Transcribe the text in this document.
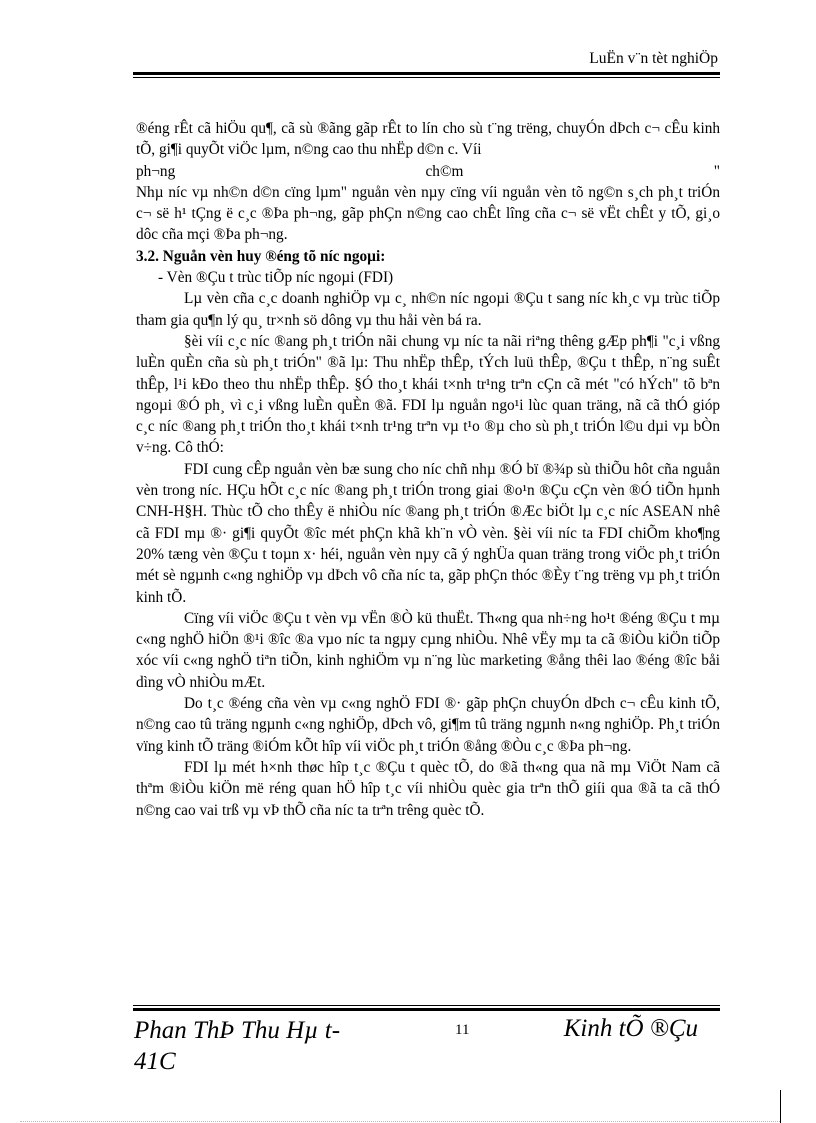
LuËn v¨n tèt nghiÖp

®éng rÊt cã hiÖu qu¶, cã sù ®ãng gãp rÊt to lín cho sù t¨ng trëng, chuyÓn dÞch c¬ cÊu kinh tÕ, gi¶i quyÕt viÖc lµm, n©ng cao thu nhËp d©n c. Víi

ph¬ng	ch©m	"

Nhµ níc vµ nh©n d©n cïng lµm" nguån vèn nµy cïng víi nguån vèn tõ ng©n s¸ch ph¸t triÓn c¬ së h¹ tÇng ë c¸c ®Þa ph¬ng, gãp phÇn n©ng cao chÊt lîng cña c¬ së vËt chÊt y tÕ, gi¸o dôc cña mçi ®Þa ph¬ng.

3.2. Nguån vèn huy ®éng tõ níc ngoµi:

- Vèn ®Çu t trùc tiÕp níc ngoµi (FDI)

Lµ vèn cña c¸c doanh nghiÖp vµ c¸ nh©n níc ngoµi ®Çu t sang níc kh¸c vµ trùc tiÕp tham gia qu¶n lý qu¸ tr×nh sö dông vµ thu håi vèn bá ra.

§èi víi c¸c níc ®ang ph¸t triÓn nãi chung vµ níc ta nãi riªng thêng gÆp ph¶i "c¸i vßng luÈn quÈn cña sù ph¸t triÓn" ®ã lµ: Thu nhËp thÊp, tÝch luü thÊp, ®Çu t thÊp, n¨ng suÊt thÊp, l¹i kÐo theo thu nhËp thÊp. §Ó tho¸t khái t×nh tr¹ng trªn cÇn cã mét "có hÝch" tõ bªn ngoµi ®Ó ph¸ vì c¸i vßng luÈn quÈn ®ã. FDI lµ nguån ngo¹i lùc quan träng, nã cã thÓ gióp c¸c níc ®ang ph¸t triÓn tho¸t khái t×nh tr¹ng trªn vµ t¹o ®µ cho sù ph¸t triÓn l©u dµi vµ bÒn v÷ng. Cô thÓ:

FDI cung cÊp nguån vèn bæ sung cho níc chñ nhµ ®Ó bï ®¾p sù thiÕu hôt cña nguån vèn trong níc. HÇu hÕt c¸c níc ®ang ph¸t triÓn trong giai ®o¹n ®Çu cÇn vèn ®Ó tiÕn hµnh CNH-H§H. Thùc tÕ cho thÊy ë nhiÒu níc ®ang ph¸t triÓn ®Æc biÖt lµ c¸c níc ASEAN nhê cã FDI mµ ®· gi¶i quyÕt ®îc mét phÇn khã kh¨n vÒ vèn. §èi víi níc ta FDI chiÕm kho¶ng 20% tæng vèn ®Çu t toµn x· héi, nguån vèn nµy cã ý nghÜa quan träng trong viÖc ph¸t triÓn mét sè ngµnh c«ng nghiÖp vµ dÞch vô cña níc ta, gãp phÇn thóc ®Èy t¨ng trëng vµ ph¸t triÓn kinh tÕ.

Cïng víi viÖc ®Çu t vèn vµ vËn ®Ò kü thuËt. Th«ng qua nh÷ng ho¹t ®éng ®Çu t mµ c«ng nghÖ hiÖn ®¹i ®îc ®a vµo níc ta ngµy cµng nhiÒu. Nhê vËy mµ ta cã ®iÒu kiÖn tiÕp xóc víi c«ng nghÖ tiªn tiÕn, kinh nghiÖm vµ n¨ng lùc marketing ®ång thêi lao ®éng ®îc båi dìng vÒ nhiÒu mÆt.

Do t¸c ®éng cña vèn vµ c«ng nghÖ FDI ®· gãp phÇn chuyÓn dÞch c¬ cÊu kinh tÕ, n©ng cao tû träng ngµnh c«ng nghiÖp, dÞch vô, gi¶m tû träng ngµnh n«ng nghiÖp. Ph¸t triÓn vïng kinh tÕ träng ®iÓm kÕt hîp víi viÖc ph¸t triÓn ®ång ®Òu c¸c ®Þa ph¬ng.

FDI lµ mét h×nh thøc hîp t¸c ®Çu t quèc tÕ, do ®ã th«ng qua nã mµ ViÖt Nam cã thªm ®iÒu kiÖn më réng quan hÖ hîp t¸c víi nhiÒu quèc gia trªn thÕ giíi qua ®ã ta cã thÓ n©ng cao vai trß vµ vÞ thÕ cña níc ta trªn trêng quèc tÕ.

Phan ThÞ Thu Hµ t-41C
11	Kinh tÕ ®Çu
